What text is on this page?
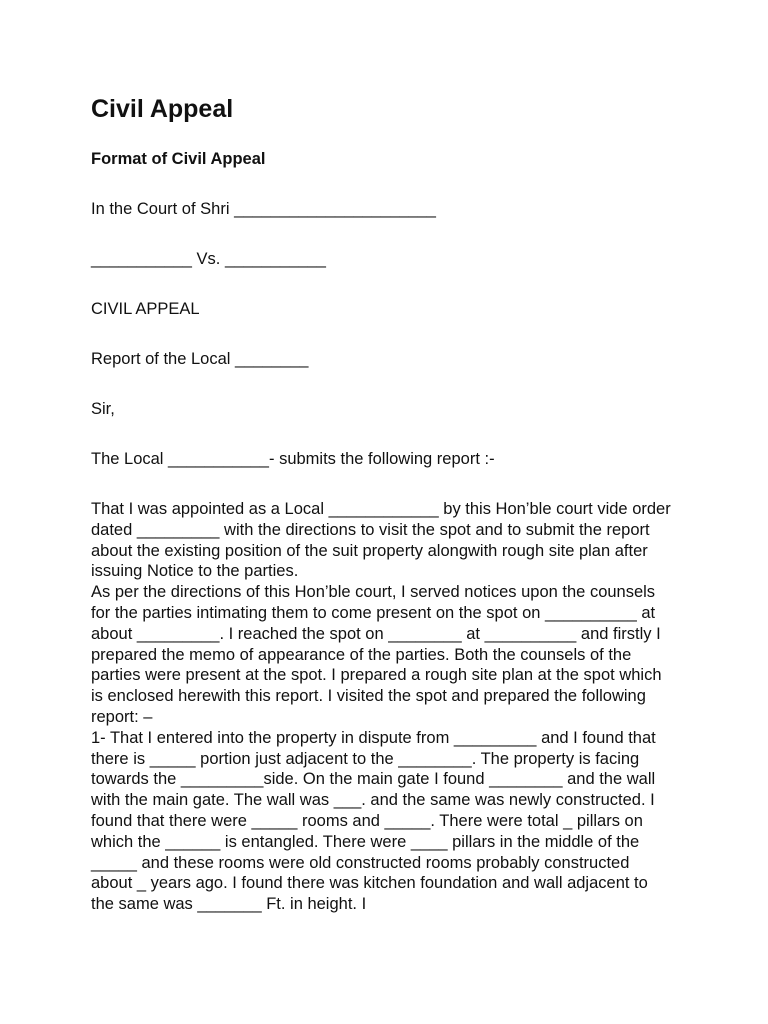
Civil Appeal
Format of Civil Appeal
In the Court of Shri ______________________
___________ Vs. ___________
CIVIL APPEAL
Report of the Local ________
Sir,
The Local ___________- submits the following report :-

That I was appointed as a Local ____________ by this Hon’ble court vide order dated _________ with the directions to visit the spot and to submit the report about the existing position of the suit property alongwith rough site plan after issuing Notice to the parties.

As per the directions of this Hon’ble court, I served notices upon the counsels for the parties intimating them to come present on the spot on __________ at about _________. I reached the spot on ________ at __________ and firstly I prepared the memo of appearance of the parties. Both the counsels of the parties were present at the spot. I prepared a rough site plan at the spot which is enclosed herewith this report. I visited the spot and prepared the following report: –

1- That I entered into the property in dispute from _________ and I found that there is _____ portion just adjacent to the ________. The property is facing towards the _________side. On the main gate I found ________ and the wall with the main gate. The wall was ___. and the same was newly constructed. I found that there were _____ rooms and _____. There were total _ pillars on which the ______ is entangled. There were ____ pillars in the middle of the _____ and these rooms were old constructed rooms probably constructed about _ years ago. I found there was kitchen foundation and wall adjacent to the same was _______ Ft. in height. I
